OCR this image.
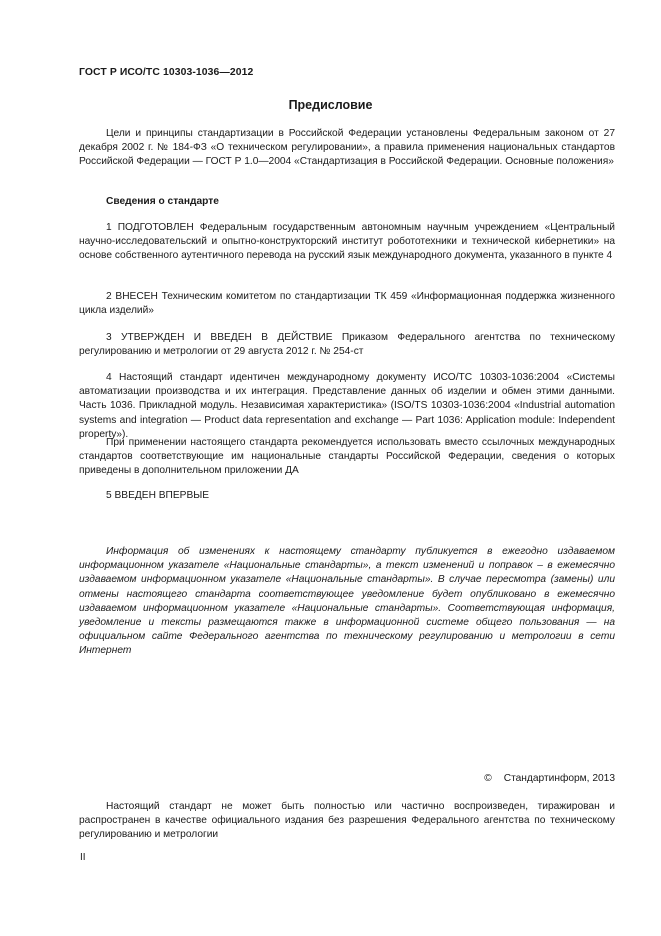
ГОСТ Р ИСО/ТС 10303-1036—2012
Предисловие
Цели и принципы стандартизации в Российской Федерации установлены Федеральным законом от 27 декабря 2002 г. № 184-ФЗ «О техническом регулировании», а правила применения национальных стандартов Российской Федерации — ГОСТ Р 1.0—2004 «Стандартизация в Российской Федерации. Основные положения»
Сведения о стандарте
1 ПОДГОТОВЛЕН Федеральным государственным автономным научным учреждением «Центральный научно-исследовательский и опытно-конструкторский институт робототехники и технической кибернетики» на основе собственного аутентичного перевода на русский язык международного документа, указанного в пункте 4
2 ВНЕСЕН Техническим комитетом по стандартизации ТК 459 «Информационная поддержка жизненного цикла изделий»
3 УТВЕРЖДЕН И ВВЕДЕН В ДЕЙСТВИЕ Приказом Федерального агентства по техническому регулированию и метрологии от 29 августа 2012 г. № 254-ст
4 Настоящий стандарт идентичен международному документу ИСО/ТС 10303-1036:2004 «Системы автоматизации производства и их интеграция. Представление данных об изделии и обмен этими данными. Часть 1036. Прикладной модуль. Независимая характеристика» (ISO/TS 10303-1036:2004 «Industrial automation systems and integration — Product data representation and exchange — Part 1036: Application module: Independent property»).
При применении настоящего стандарта рекомендуется использовать вместо ссылочных международных стандартов соответствующие им национальные стандарты Российской Федерации, сведения о которых приведены в дополнительном приложении ДА
5 ВВЕДЕН ВПЕРВЫЕ
Информация об изменениях к настоящему стандарту публикуется в ежегодно издаваемом информационном указателе «Национальные стандарты», а текст изменений и поправок – в ежемесячно издаваемом информационном указателе «Национальные стандарты». В случае пересмотра (замены) или отмены настоящего стандарта соответствующее уведомление будет опубликовано в ежемесячно издаваемом информационном указателе «Национальные стандарты». Соответствующая информация, уведомление и тексты размещаются также в информационной системе общего пользования — на официальном сайте Федерального агентства по техническому регулированию и метрологии в сети Интернет
© Стандартинформ, 2013
Настоящий стандарт не может быть полностью или частично воспроизведен, тиражирован и распространен в качестве официального издания без разрешения Федерального агентства по техническому регулированию и метрологии
II
